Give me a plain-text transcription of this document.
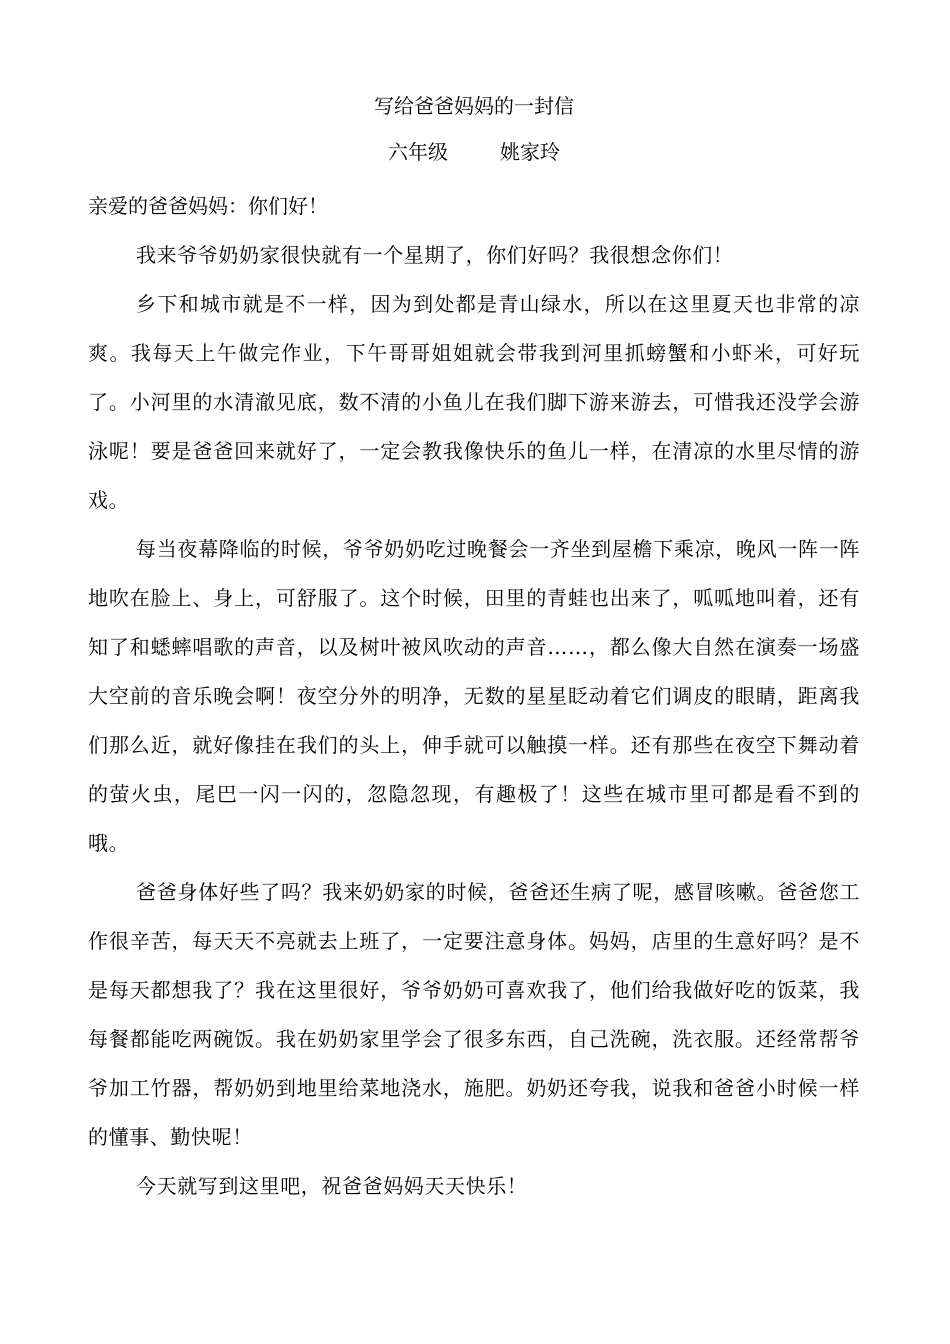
写给爸爸妈妈的一封信
六年级	姚家玲

亲爱的爸爸妈妈：你们好！

我来爷爷奶奶家很快就有一个星期了，你们好吗？我很想念你们！

乡下和城市就是不一样，因为到处都是青山绿水，所以在这里夏天也非常的凉爽。我每天上午做完作业，下午哥哥姐姐就会带我到河里抓螃蟹和小虾米，可好玩了。小河里的水清澈见底，数不清的小鱼儿在我们脚下游来游去，可惜我还没学会游泳呢！要是爸爸回来就好了，一定会教我像快乐的鱼儿一样，在清凉的水里尽情的游戏。

每当夜幕降临的时候，爷爷奶奶吃过晚餐会一齐坐到屋檐下乘凉，晚风一阵一阵地吹在脸上、身上，可舒服了。这个时候，田里的青蛙也出来了，呱呱地叫着，还有知了和蟋蟀唱歌的声音，以及树叶被风吹动的声音……，都么像大自然在演奏一场盛大空前的音乐晚会啊！夜空分外的明净，无数的星星眨动着它们调皮的眼睛，距离我们那么近，就好像挂在我们的头上，伸手就可以触摸一样。还有那些在夜空下舞动着的萤火虫，尾巴一闪一闪的，忽隐忽现，有趣极了！这些在城市里可都是看不到的哦。

爸爸身体好些了吗？我来奶奶家的时候，爸爸还生病了呢，感冒咳嗽。爸爸您工作很辛苦，每天天不亮就去上班了，一定要注意身体。妈妈，店里的生意好吗？是不是每天都想我了？我在这里很好，爷爷奶奶可喜欢我了，他们给我做好吃的饭菜，我每餐都能吃两碗饭。我在奶奶家里学会了很多东西，自己洗碗，洗衣服。还经常帮爷爷加工竹器，帮奶奶到地里给菜地浇水，施肥。奶奶还夸我，说我和爸爸小时候一样的懂事、勤快呢！

今天就写到这里吧，祝爸爸妈妈天天快乐！
